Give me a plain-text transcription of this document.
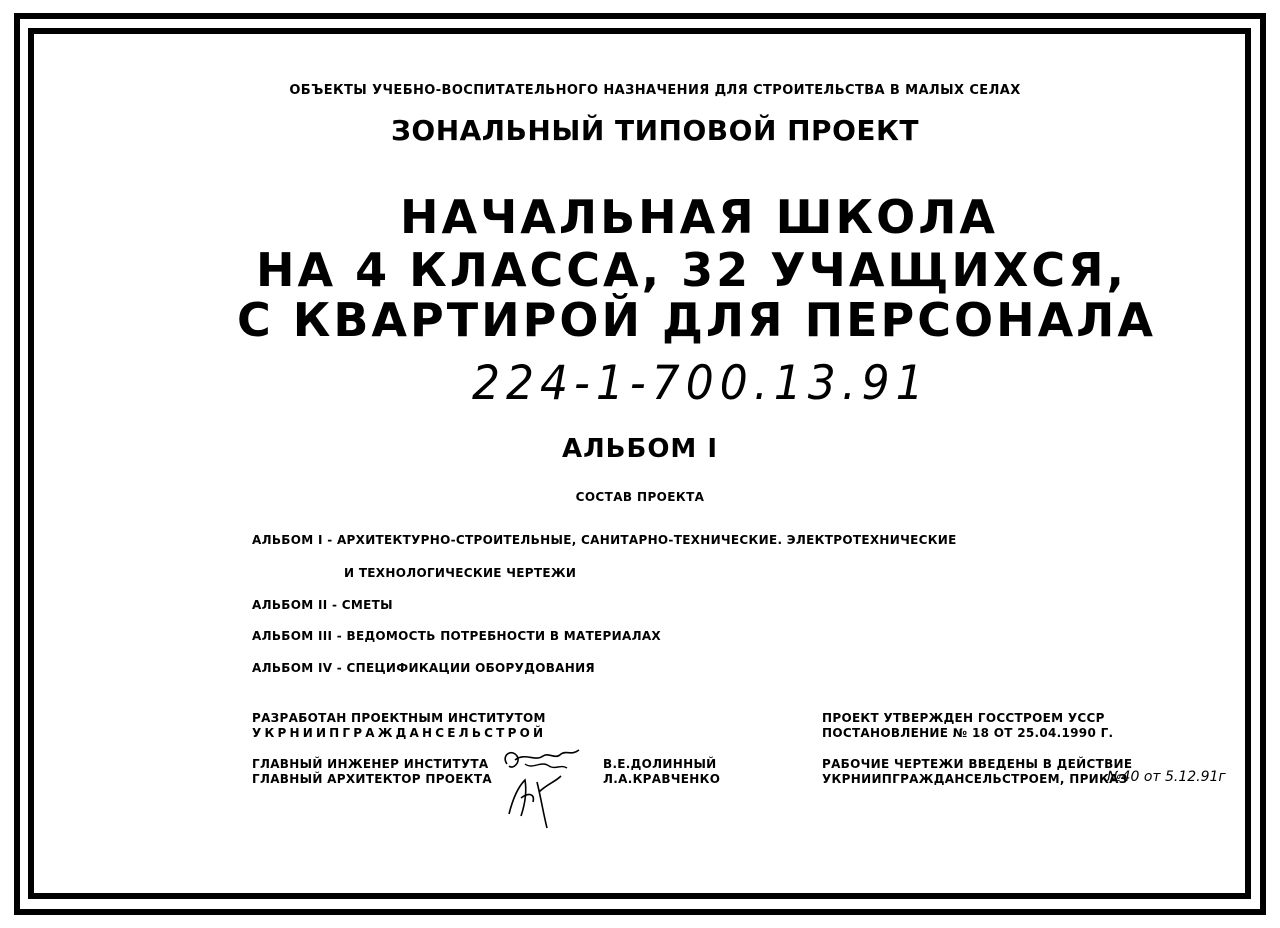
ОБЪЕКТЫ УЧЕБНО-ВОСПИТАТЕЛЬНОГО НАЗНАЧЕНИЯ ДЛЯ СТРОИТЕЛЬСТВА В МАЛЫХ СЕЛАХ
ЗОНАЛЬНЫЙ ТИПОВОЙ ПРОЕКТ
НАЧАЛЬНАЯ ШКОЛА
НА 4 КЛАССА, 32 УЧАЩИХСЯ,
С КВАРТИРОЙ ДЛЯ ПЕРСОНАЛА
224-1-700.13.91
АЛЬБОМ I
СОСТАВ ПРОЕКТА
АЛЬБОМ I - АРХИТЕКТУРНО-СТРОИТЕЛЬНЫЕ, САНИТАРНО-ТЕХНИЧЕСКИЕ. ЭЛЕКТРОТЕХНИЧЕСКИЕ
И ТЕХНОЛОГИЧЕСКИЕ ЧЕРТЕЖИ
АЛЬБОМ II - СМЕТЫ
АЛЬБОМ III - ВЕДОМОСТЬ ПОТРЕБНОСТИ В МАТЕРИАЛАХ
АЛЬБОМ IV - СПЕЦИФИКАЦИИ ОБОРУДОВАНИЯ
РАЗРАБОТАН ПРОЕКТНЫМ ИНСТИТУТОМ
УКРНИИПГРАЖДАНСЕЛЬСТРОЙ
ГЛАВНЫЙ ИНЖЕНЕР ИНСТИТУТА
ГЛАВНЫЙ АРХИТЕКТОР ПРОЕКТА
В.Е.ДОЛИННЫЙ
Л.А.КРАВЧЕНКО
ПРОЕКТ УТВЕРЖДЕН ГОССТРОЕМ УССР
ПОСТАНОВЛЕНИЕ № 18 ОТ 25.04.1990 Г.
РАБОЧИЕ ЧЕРТЕЖИ ВВЕДЕНЫ В ДЕЙСТВИЕ
УКРНИИПГРАЖДАНСЕЛЬСТРОЕМ, ПРИКАЗ
№40 от 5.12.91г
